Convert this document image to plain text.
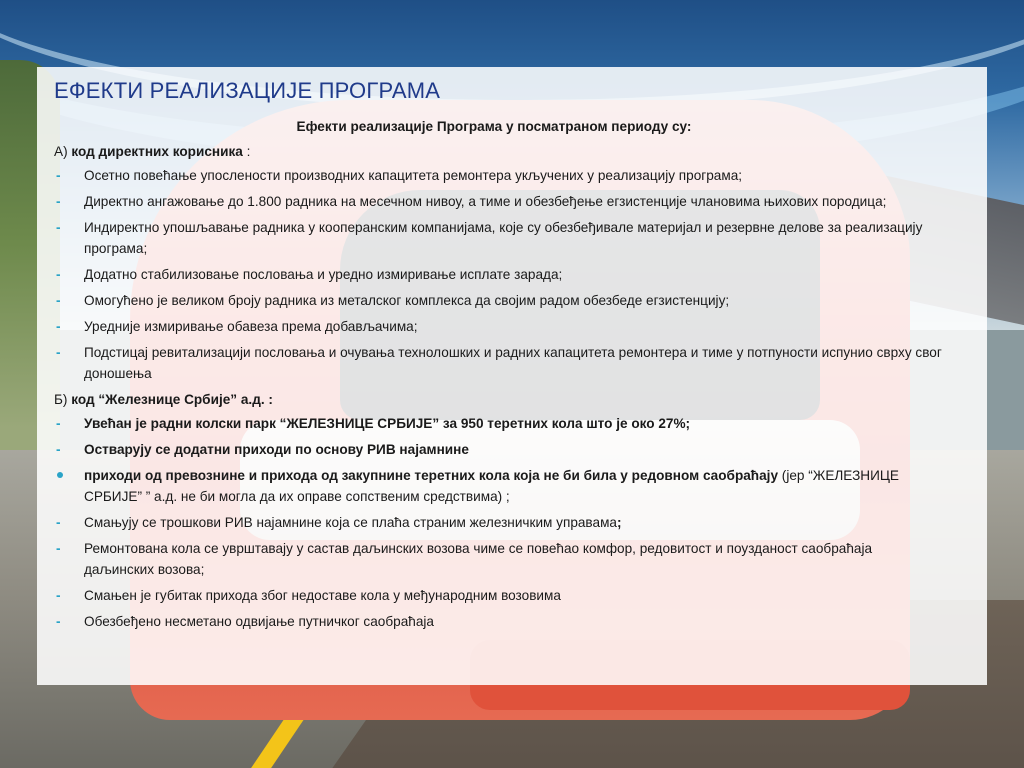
ЕФЕКТИ РЕАЛИЗАЦИЈЕ ПРОГРАМА
Ефекти реализације Програма у посматраном периоду су:
А) код директних корисника :
- Осетно повећање упослености производних капацитета ремонтера укључених у реализацију програма;
- Директно ангажовање до 1.800 радника на месечном нивоу, а тиме и обезбеђење егзистенције члановима њихових породица;
- Индиректно упошљавање радника у кооперанским компанијама, које су обезбеђивале материјал и резервне делове за реализацију програма;
- Додатно стабилизовање пословања и уредно измиривање исплате зарада;
- Омогућено је великом броју радника из металског комплекса да својим радом обезбеде егзистенцију;
- Уредније измиривање обавеза према добављачима;
- Подстицај ревитализацији пословања и очувања технолошких и радних капацитета ремонтера и тиме у потпуности испунио сврху свог доношења
Б) код “Железнице Србије” а.д. :
- Увећан је радни колски парк “ЖЕЛЕЗНИЦЕ СРБИЈЕ” за 950 теретних кола што је око 27%;
- Остварују се додатни приходи по основу РИВ најамнине
приходи од превознине и прихода од закупнине теретних кола која не би била у редовном саобраћају (јер “ЖЕЛЕЗНИЦЕ СРБИЈЕ” ” а.д. не би могла да их оправе сопственим средствима) ;
- Смањују се трошкови РИВ најамнине која се плаћа страним железничким управама;
- Ремонтована кола се уврштавају у састав даљинских возова чиме се повећао комфор, редовитост и поузданост саобраћаја даљинских возова;
- Смањен је губитак прихода због недоставе кола у међународним возовима
- Обезбеђено несметано одвијање путничког саобраћаја
